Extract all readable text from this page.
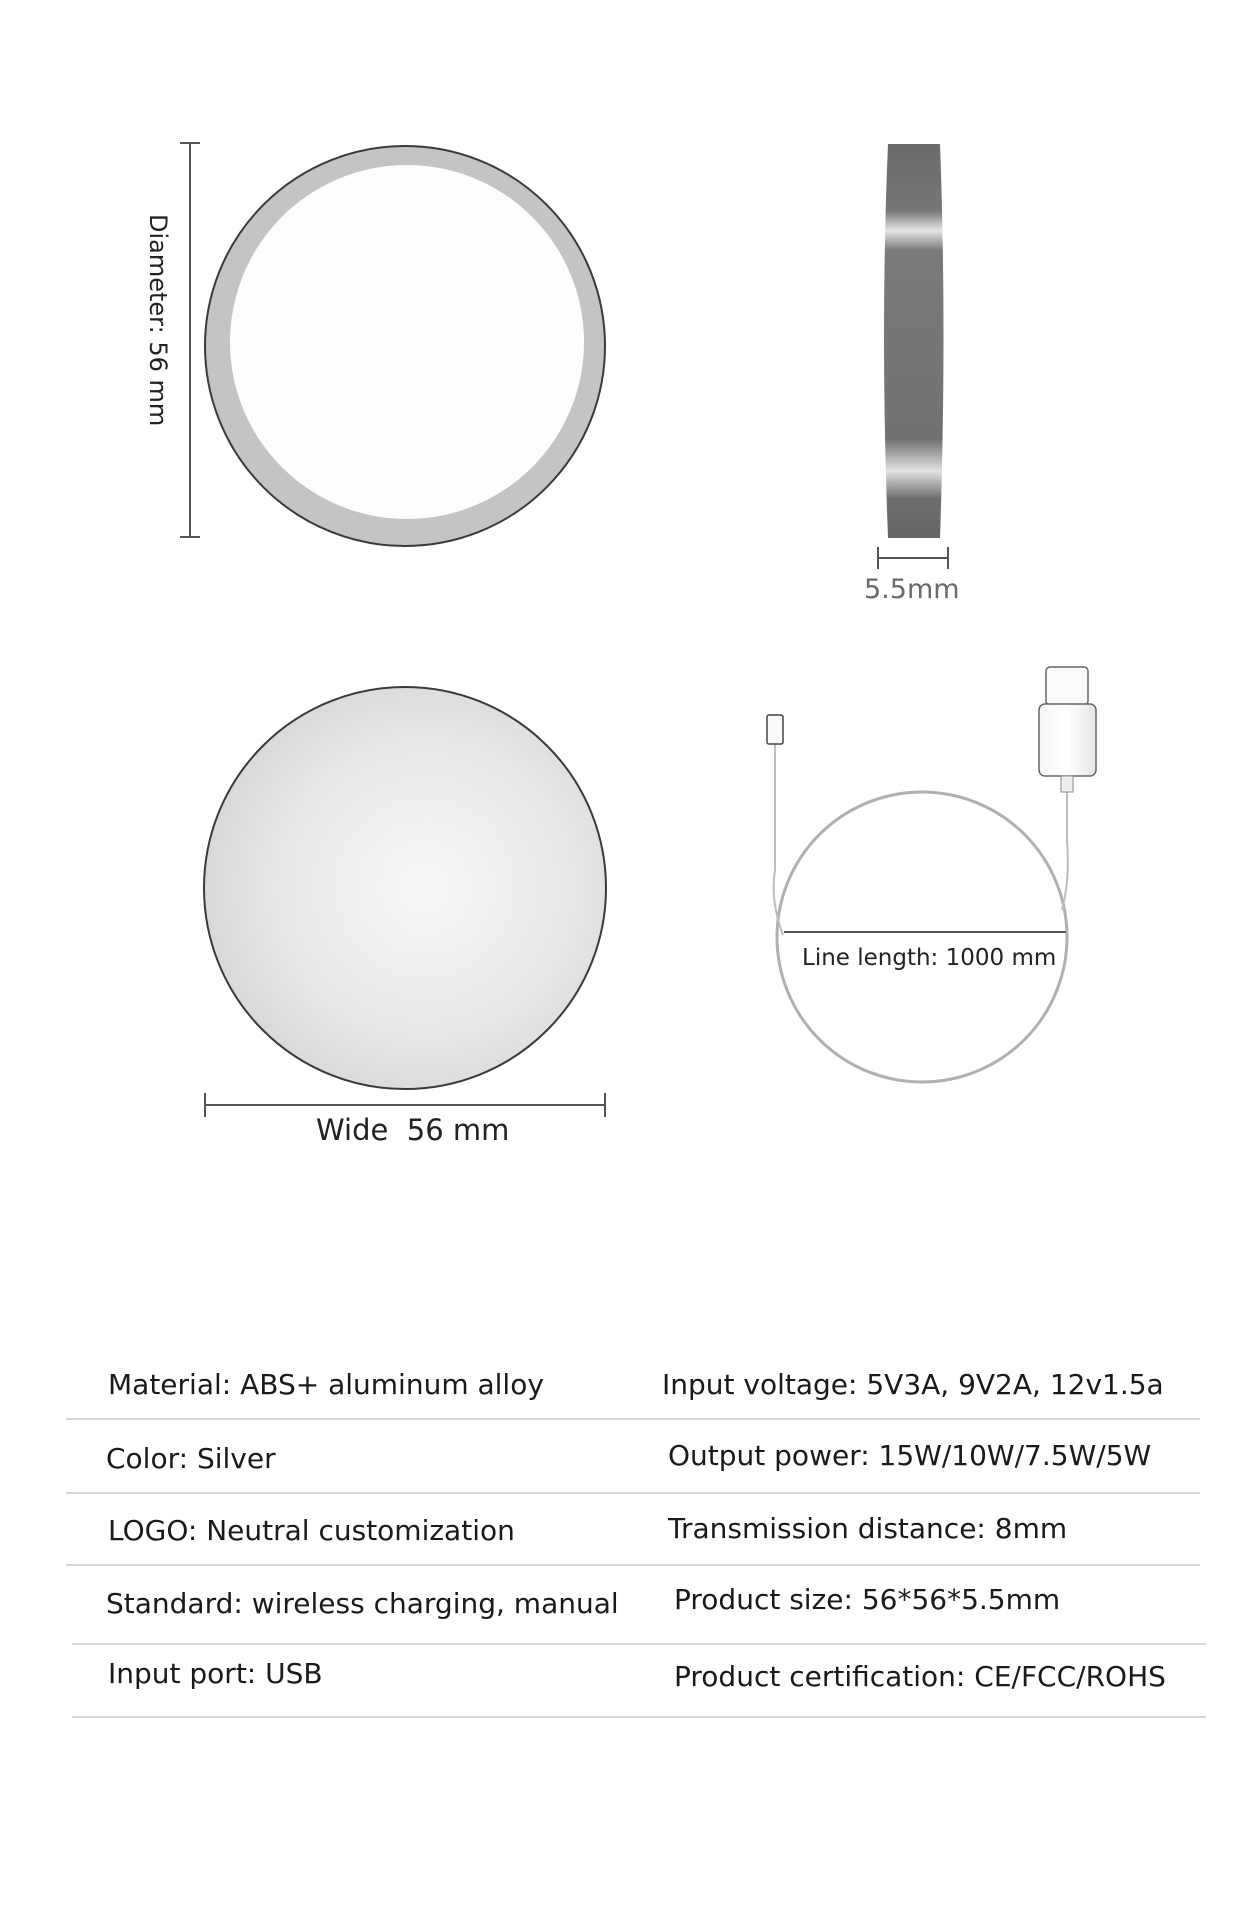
Diameter: 56 mm
5.5mm
Wide  56 mm
Line length: 1000 mm
Material: ABS+ aluminum alloy	Input voltage: 5V3A, 9V2A, 12v1.5a
Color: Silver	Output power: 15W/10W/7.5W/5W
LOGO: Neutral customization	Transmission distance: 8mm
Standard: wireless charging, manual Product size: 56*56*5.5mm
Input port: USB	Product certification: CE/FCC/ROHS
